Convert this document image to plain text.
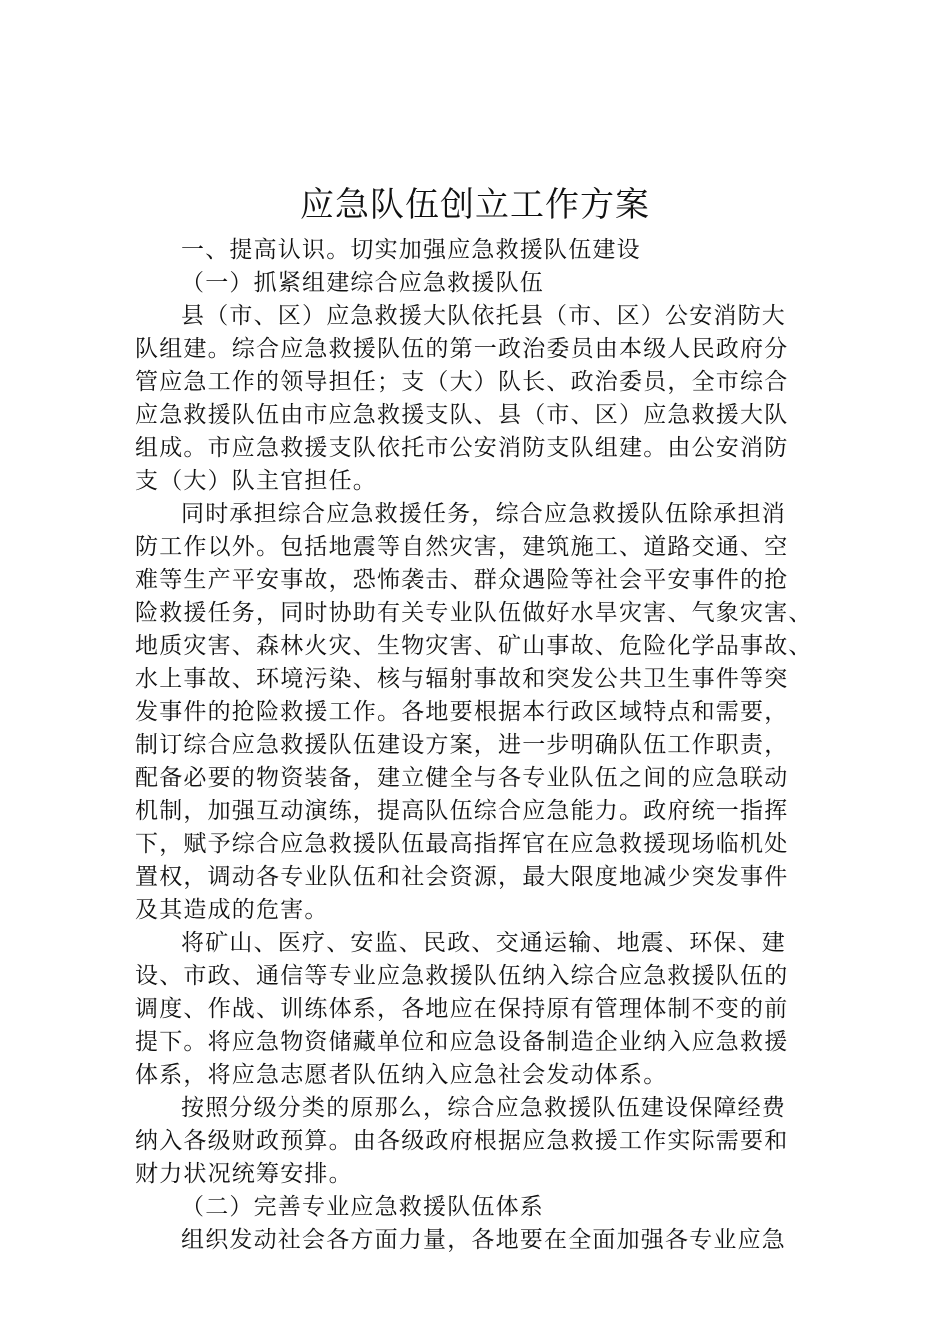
应急队伍创立工作方案
一、提高认识。切实加强应急救援队伍建设
（一）抓紧组建综合应急救援队伍
县（市、区）应急救援大队依托县（市、区）公安消防大
队组建。综合应急救援队伍的第一政治委员由本级人民政府分
管应急工作的领导担任；支（大）队长、政治委员，全市综合
应急救援队伍由市应急救援支队、县（市、区）应急救援大队
组成。市应急救援支队依托市公安消防支队组建。由公安消防
支（大）队主官担任。
同时承担综合应急救援任务，综合应急救援队伍除承担消
防工作以外。包括地震等自然灾害，建筑施工、道路交通、空
难等生产平安事故，恐怖袭击、群众遇险等社会平安事件的抢
险救援任务，同时协助有关专业队伍做好水旱灾害、气象灾害、
地质灾害、森林火灾、生物灾害、矿山事故、危险化学品事故、
水上事故、环境污染、核与辐射事故和突发公共卫生事件等突
发事件的抢险救援工作。各地要根据本行政区域特点和需要，
制订综合应急救援队伍建设方案，进一步明确队伍工作职责，
配备必要的物资装备，建立健全与各专业队伍之间的应急联动
机制，加强互动演练，提高队伍综合应急能力。政府统一指挥
下，赋予综合应急救援队伍最高指挥官在应急救援现场临机处
置权，调动各专业队伍和社会资源，最大限度地减少突发事件
及其造成的危害。
将矿山、医疗、安监、民政、交通运输、地震、环保、建
设、市政、通信等专业应急救援队伍纳入综合应急救援队伍的
调度、作战、训练体系，各地应在保持原有管理体制不变的前
提下。将应急物资储藏单位和应急设备制造企业纳入应急救援
体系，将应急志愿者队伍纳入应急社会发动体系。
按照分级分类的原那么，综合应急救援队伍建设保障经费
纳入各级财政预算。由各级政府根据应急救援工作实际需要和
财力状况统筹安排。
（二）完善专业应急救援队伍体系
组织发动社会各方面力量，各地要在全面加强各专业应急
